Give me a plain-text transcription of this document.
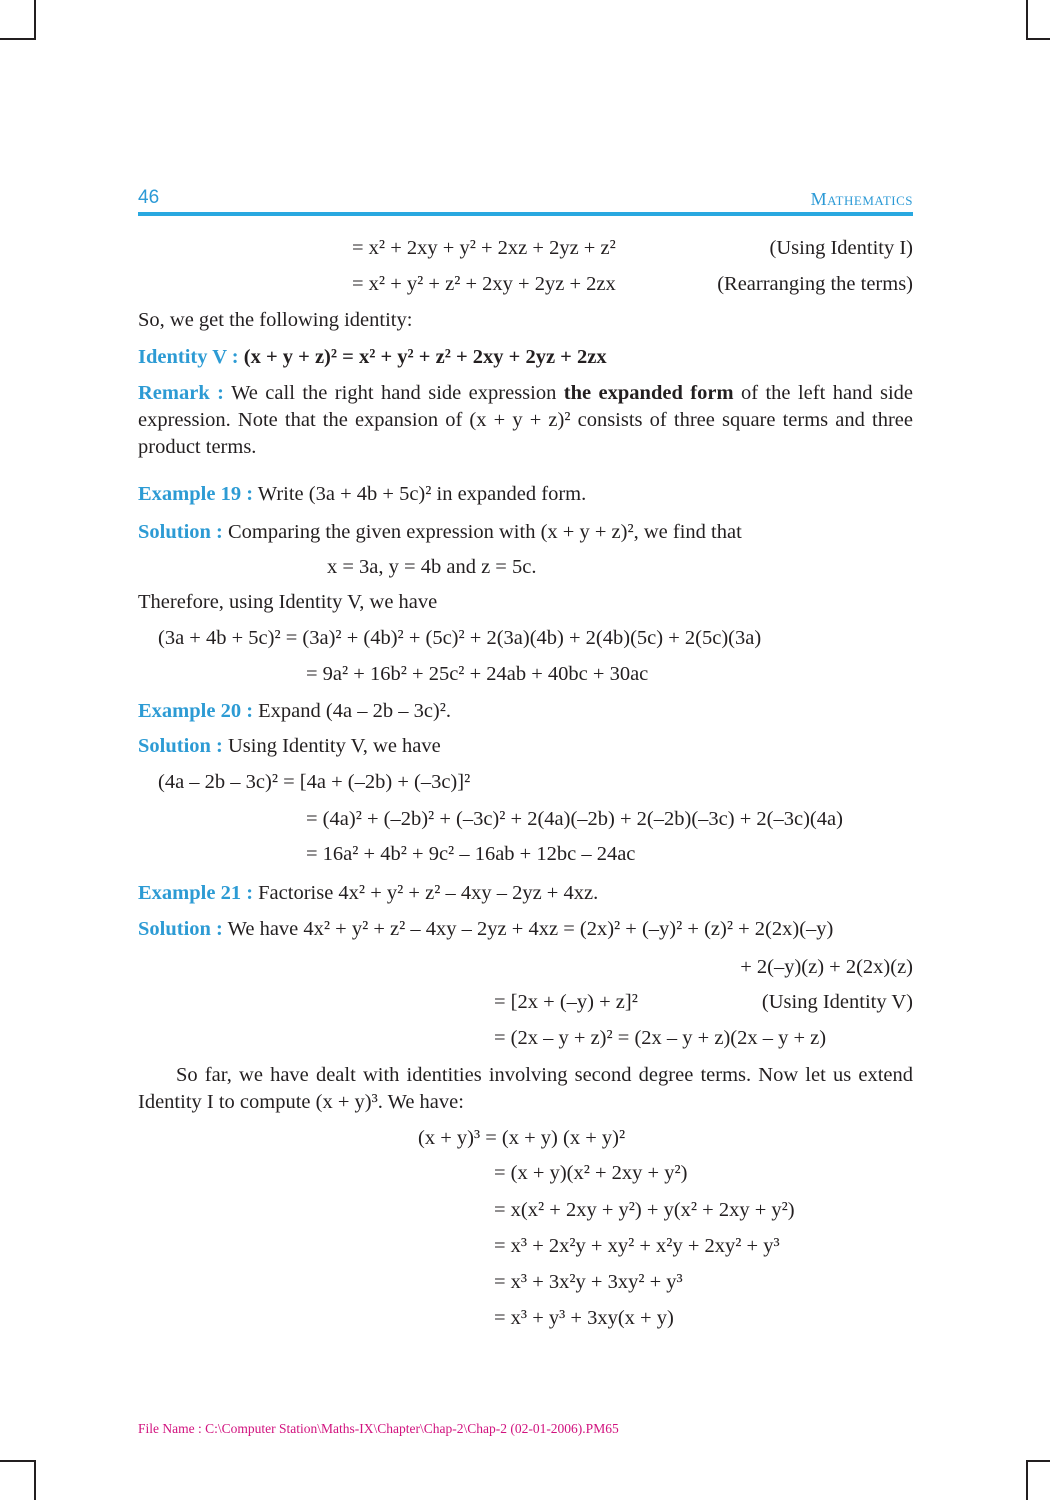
46	Mathematics
= x² + 2xy + y² + 2xz + 2yz + z²	(Using Identity I)
= x² + y² + z² + 2xy + 2yz + 2zx	(Rearranging the terms)
So, we get the following identity:
Identity V : (x + y + z)² = x² + y² + z² + 2xy + 2yz + 2zx
Remark : We call the right hand side expression the expanded form of the left hand side expression. Note that the expansion of (x + y + z)² consists of three square terms and three product terms.
Example 19 : Write (3a + 4b + 5c)² in expanded form.
Solution : Comparing the given expression with (x + y + z)², we find that
x = 3a, y = 4b and z = 5c.
Therefore, using Identity V, we have
(3a + 4b + 5c)² = (3a)² + (4b)² + (5c)² + 2(3a)(4b) + 2(4b)(5c) + 2(5c)(3a)
= 9a² + 16b² + 25c² + 24ab + 40bc + 30ac
Example 20 : Expand (4a – 2b – 3c)².
Solution : Using Identity V, we have
(4a – 2b – 3c)² = [4a + (–2b) + (–3c)]²
= (4a)² + (–2b)² + (–3c)² + 2(4a)(–2b) + 2(–2b)(–3c) + 2(–3c)(4a)
= 16a² + 4b² + 9c² – 16ab + 12bc – 24ac
Example 21 : Factorise 4x² + y² + z² – 4xy – 2yz + 4xz.
Solution : We have 4x² + y² + z² – 4xy – 2yz + 4xz = (2x)² + (–y)² + (z)² + 2(2x)(–y)
+ 2(–y)(z) + 2(2x)(z)
= [2x + (–y) + z]²	(Using Identity V)
= (2x – y + z)² = (2x – y + z)(2x – y + z)
So far, we have dealt with identities involving second degree terms. Now let us extend Identity I to compute (x + y)³. We have:
(x + y)³ = (x + y) (x + y)²
= (x + y)(x² + 2xy + y²)
= x(x² + 2xy + y²) + y(x² + 2xy + y²)
= x³ + 2x²y + xy² + x²y + 2xy² + y³
= x³ + 3x²y + 3xy² + y³
= x³ + y³ + 3xy(x + y)
File Name : C:\Computer Station\Maths-IX\Chapter\Chap-2\Chap-2 (02-01-2006).PM65
